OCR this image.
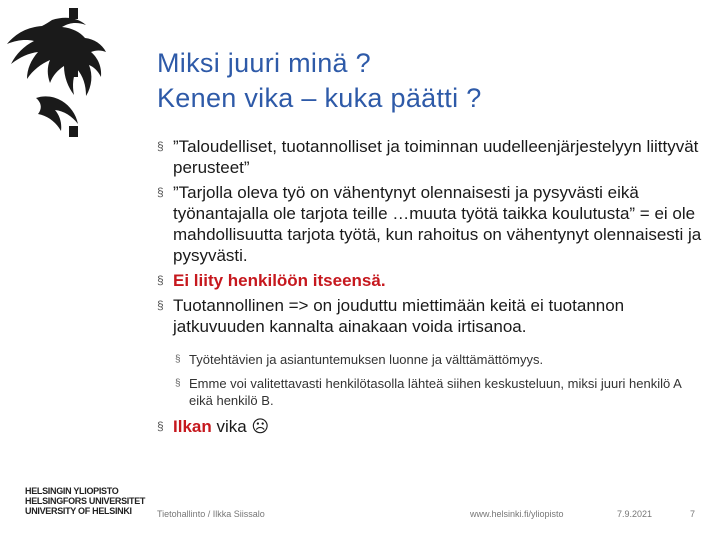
Miksi juuri minä ?
Kenen vika – kuka päätti ?
§ ”Taloudelliset, tuotannolliset ja toiminnan uudelleenjärjestelyyn liittyvät perusteet”
§ ”Tarjolla oleva työ on vähentynyt olennaisesti ja pysyvästi eikä työnantajalla ole tarjota teille …muuta työtä taikka koulutusta” = ei ole mahdollisuutta tarjota työtä, kun rahoitus on vähentynyt olennaisesti ja pysyvästi.
§ Ei liity henkilöön itseensä.
§ Tuotannollinen => on jouduttu miettimään keitä ei tuotannon jatkuvuuden kannalta ainakaan voida irtisanoa.
§ Työtehtävien ja asiantuntemuksen luonne ja välttämättömyys.
§ Emme voi valitettavasti henkilötasolla lähteä siihen keskusteluun, miksi juuri henkilö A eikä henkilö B.
§ Ilkan vika ☹
HELSINGIN YLIOPISTO
HELSINGFORS UNIVERSITET
UNIVERSITY OF HELSINKI	Tietohallinto / Ilkka Siissalo	www.helsinki.fi/yliopisto	7.9.2021	7
